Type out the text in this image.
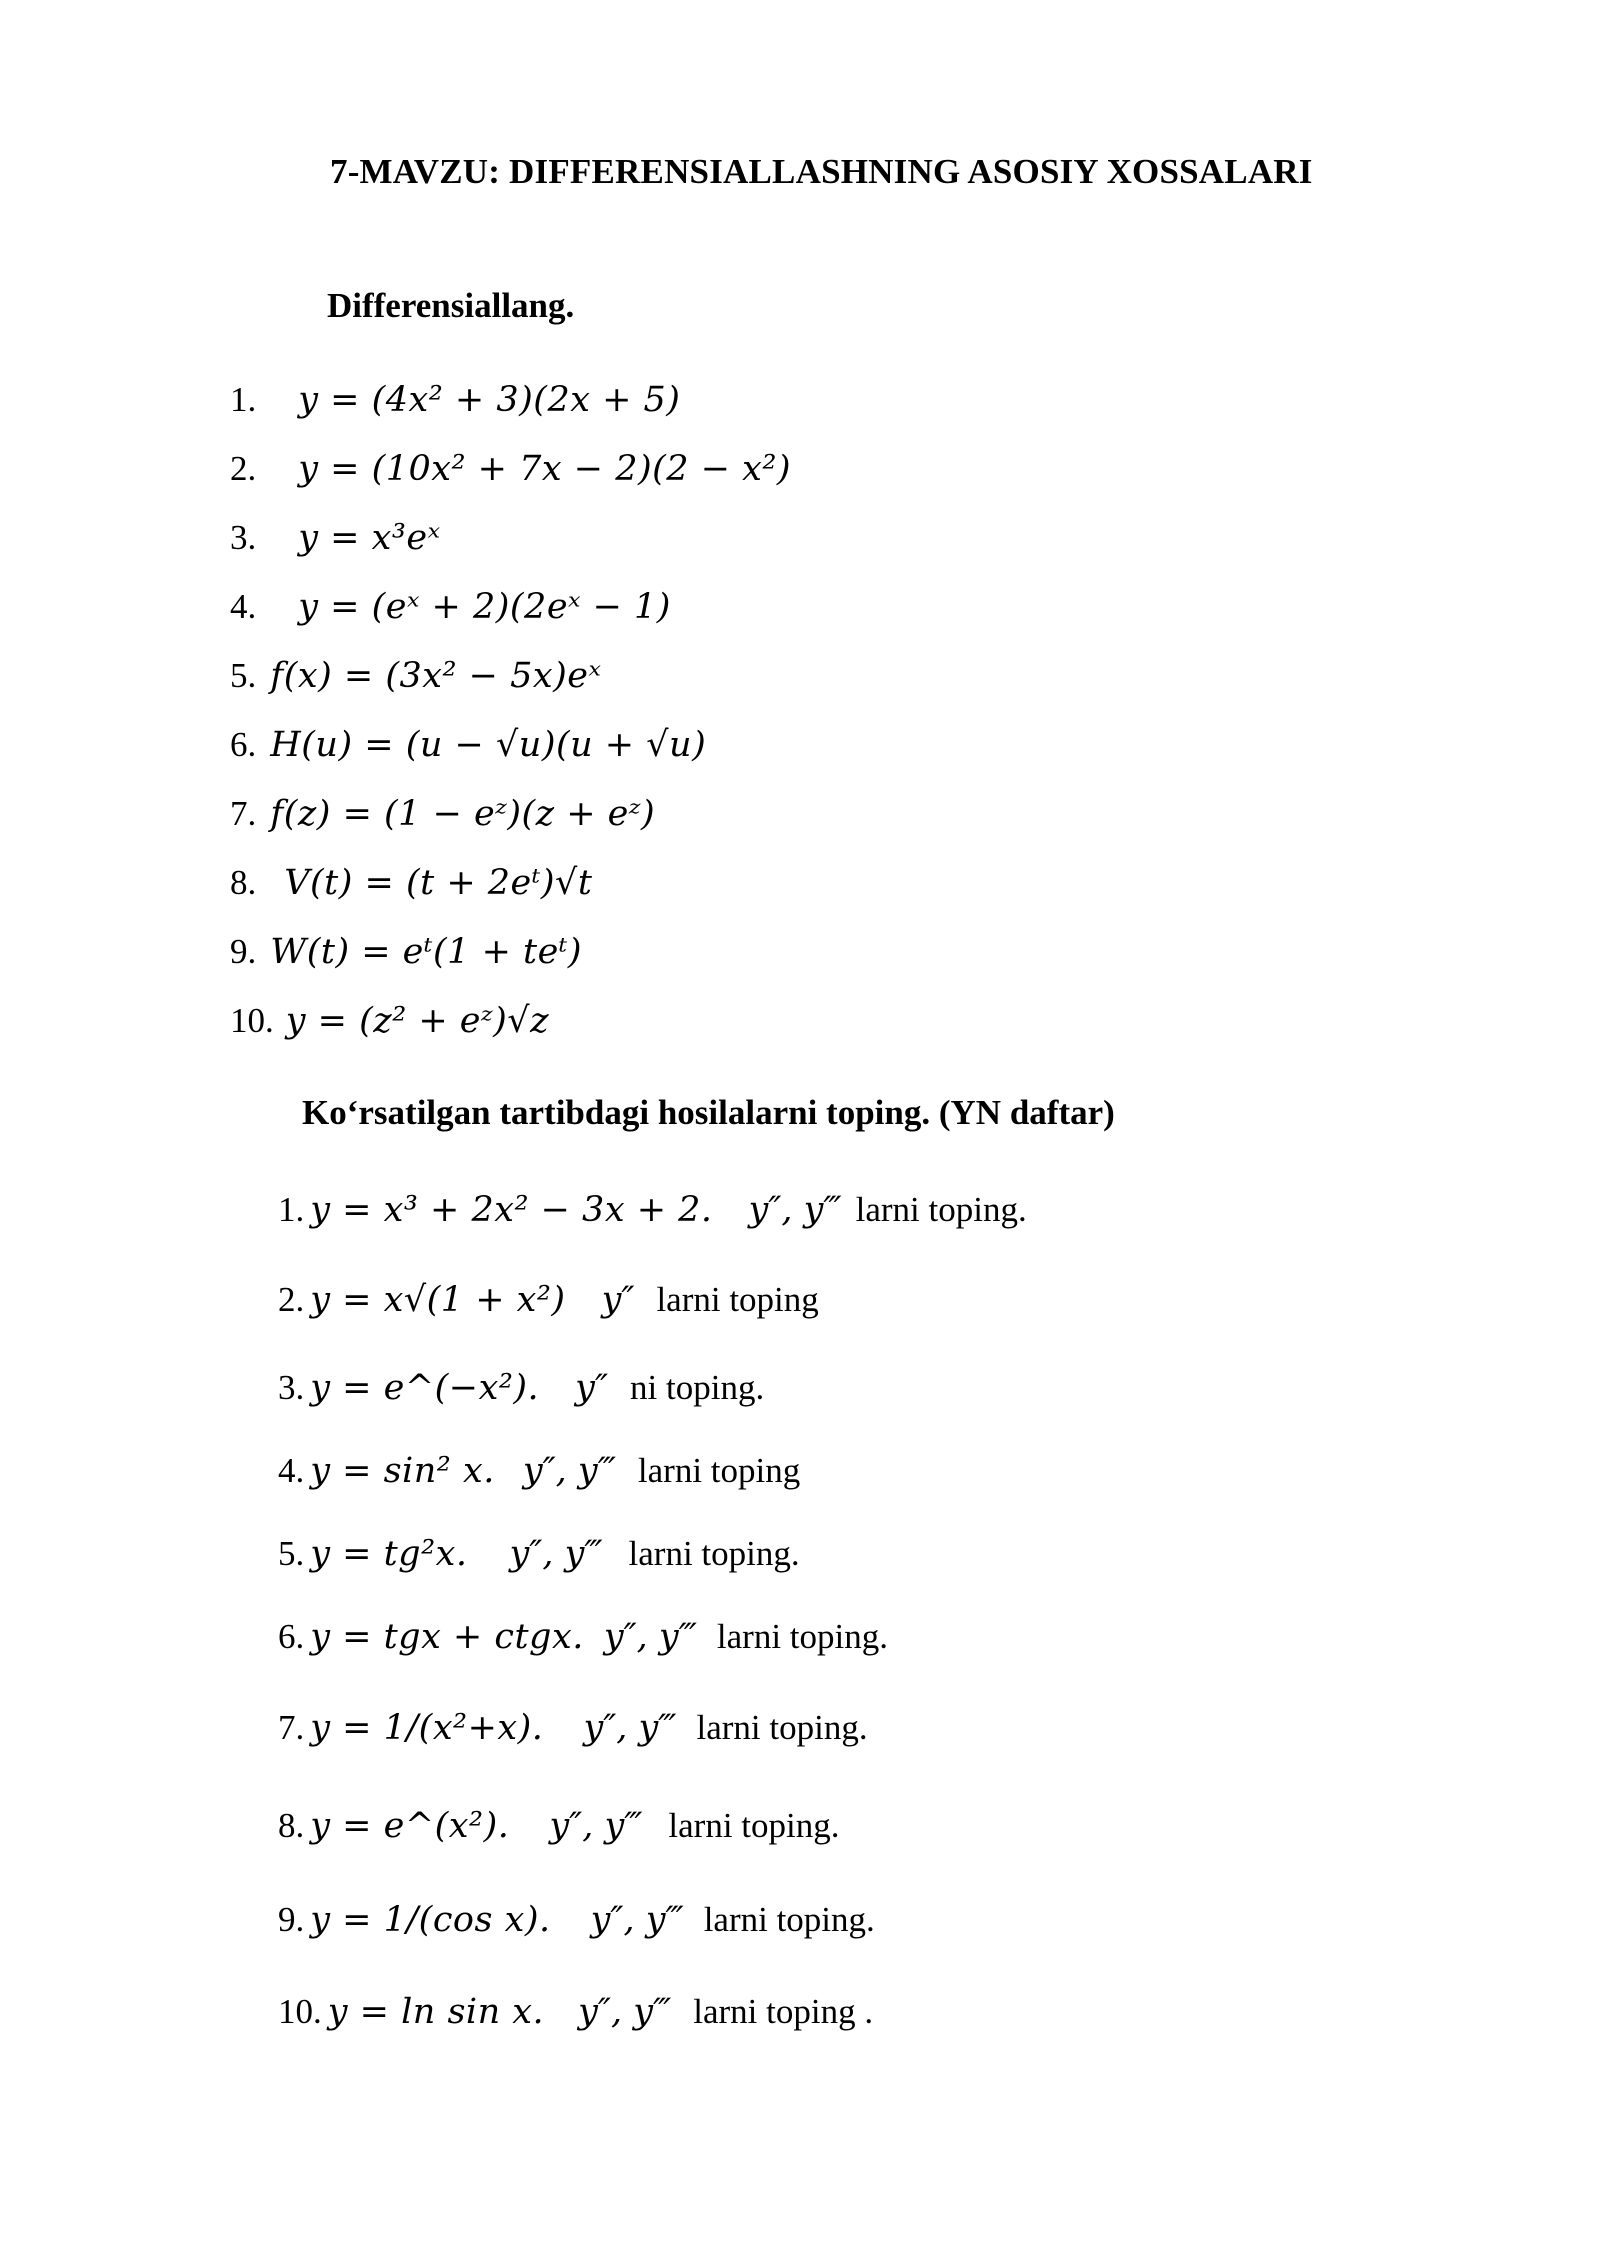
7-MAVZU: DIFFERENSIALLASHNING ASOSIY XOSSALARI
Differensiallang.
1. y = (4x² + 3)(2x + 5)
2. y = (10x² + 7x − 2)(2 − x²)
3. y = x³eˣ
4. y = (eˣ + 2)(2eˣ − 1)
5. f(x) = (3x² − 5x)eˣ
6. H(u) = (u − √u)(u + √u)
7. f(z) = (1 − eᶻ)(z + eᶻ)
8. V(t) = (t + 2eᵗ)√t
9. W(t) = eᵗ(1 + teᵗ)
10. y = (z² + eᶻ)√z
Ko‘rsatilgan tartibdagi hosilalarni toping. (YN daftar)
1. y = x³ + 2x² − 3x + 2. y″, y‴ larni toping.
2. y = x√(1 + x²) y″ larni toping
3. y = e^(−x²). y″ ni toping.
4. y = sin² x. y″, y‴ larni toping
5. y = tg²x. y″, y‴ larni toping.
6. y = tgx + ctgx. y″, y‴ larni toping.
7. y = 1/(x²+x). y″, y‴ larni toping.
8. y = e^(x²). y″, y‴ larni toping.
9. y = 1/(cos x). y″, y‴ larni toping.
10. y = ln sin x. y″, y‴ larni toping .
